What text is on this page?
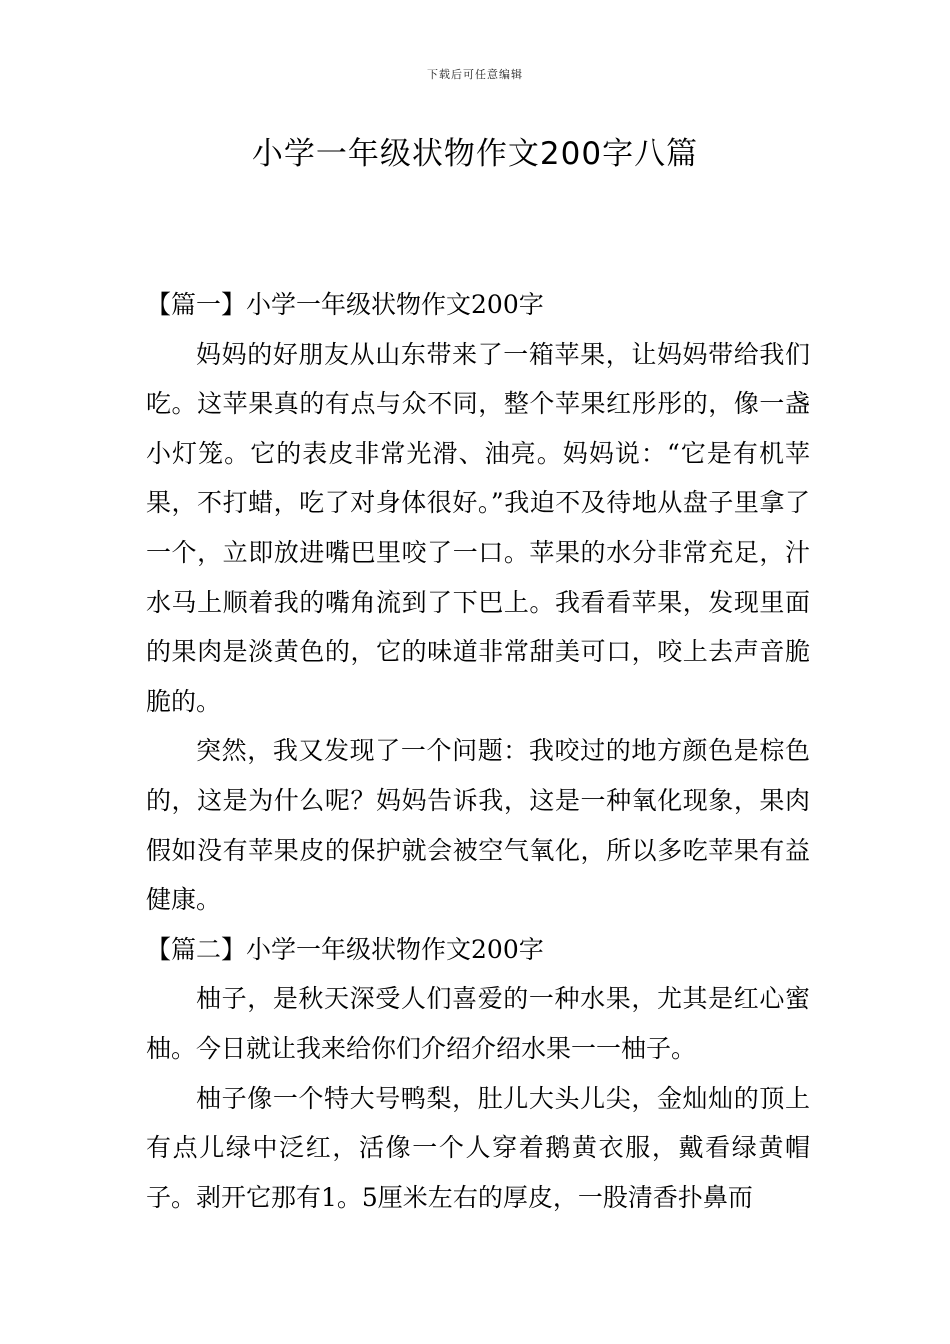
下载后可任意编辑
小学一年级状物作文200字八篇
【篇一】小学一年级状物作文200字

妈妈的好朋友从山东带来了一箱苹果，让妈妈带给我们吃。这苹果真的有点与众不同，整个苹果红彤彤的，像一盏小灯笼。它的表皮非常光滑、油亮。妈妈说：“它是有机苹果，不打蜡，吃了对身体很好。”我迫不及待地从盘子里拿了一个，立即放进嘴巴里咬了一口。苹果的水分非常充足，汁水马上顺着我的嘴角流到了下巴上。我看看苹果，发现里面的果肉是淡黄色的，它的味道非常甜美可口，咬上去声音脆脆的。

突然，我又发现了一个问题：我咬过的地方颜色是棕色的，这是为什么呢？妈妈告诉我，这是一种氧化现象，果肉假如没有苹果皮的保护就会被空气氧化，所以多吃苹果有益健康。

【篇二】小学一年级状物作文200字

柚子，是秋天深受人们喜爱的一种水果，尤其是红心蜜柚。今日就让我来给你们介绍介绍水果一一柚子。

柚子像一个特大号鸭梨，肚儿大头儿尖，金灿灿的顶上有点儿绿中泛红，活像一个人穿着鹅黄衣服，戴看绿黄帽子。剥开它那有1。5厘米左右的厚皮，一股清香扑鼻而
